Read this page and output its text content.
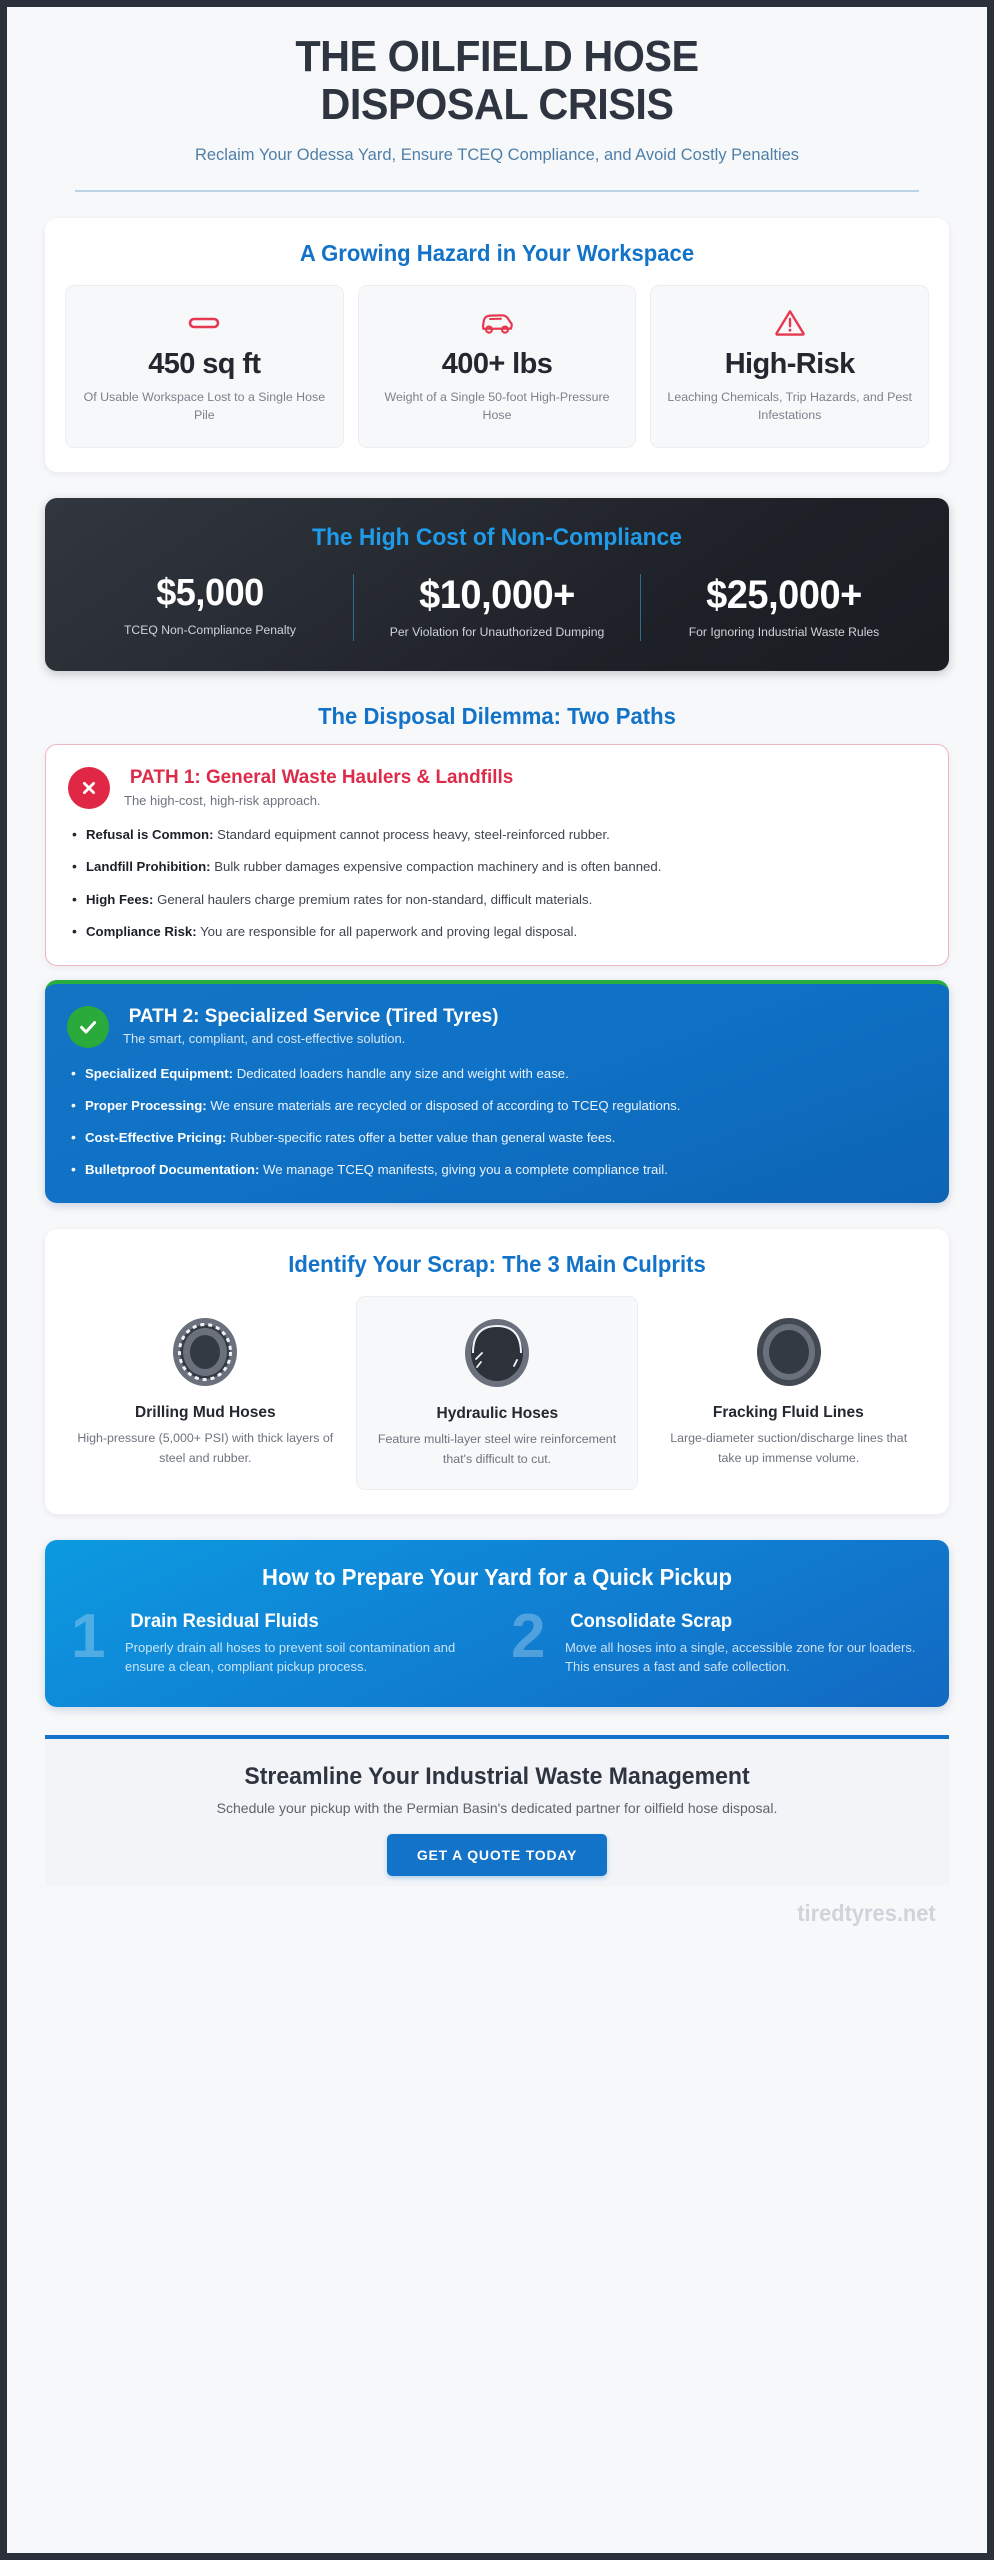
THE OILFIELD HOSE
DISPOSAL CRISIS
Reclaim Your Odessa Yard, Ensure TCEQ Compliance, and Avoid Costly Penalties
A Growing Hazard in Your Workspace
450 sq ft
Of Usable Workspace Lost to a Single Hose Pile
400+ lbs
Weight of a Single 50-foot High-Pressure Hose
High-Risk
Leaching Chemicals, Trip Hazards, and Pest Infestations
The High Cost of Non-Compliance
$5,000
TCEQ Non-Compliance Penalty
$10,000+
Per Violation for Unauthorized Dumping
$25,000+
For Ignoring Industrial Waste Rules
The Disposal Dilemma: Two Paths
PATH 1: General Waste Haulers & Landfills
The high-cost, high-risk approach.
• Refusal is Common: Standard equipment cannot process heavy, steel-reinforced rubber.
• Landfill Prohibition: Bulk rubber damages expensive compaction machinery and is often banned.
• High Fees: General haulers charge premium rates for non-standard, difficult materials.
• Compliance Risk: You are responsible for all paperwork and proving legal disposal.
PATH 2: Specialized Service (Tired Tyres)
The smart, compliant, and cost-effective solution.
• Specialized Equipment: Dedicated loaders handle any size and weight with ease.
• Proper Processing: We ensure materials are recycled or disposed of according to TCEQ regulations.
• Cost-Effective Pricing: Rubber-specific rates offer a better value than general waste fees.
• Bulletproof Documentation: We manage TCEQ manifests, giving you a complete compliance trail.
Identify Your Scrap: The 3 Main Culprits
Drilling Mud Hoses
High-pressure (5,000+ PSI) with thick layers of steel and rubber.
Hydraulic Hoses
Feature multi-layer steel wire reinforcement that's difficult to cut.
Fracking Fluid Lines
Large-diameter suction/discharge lines that take up immense volume.
How to Prepare Your Yard for a Quick Pickup
1 Drain Residual Fluids
Properly drain all hoses to prevent soil contamination and ensure a clean, compliant pickup process.	2 Consolidate Scrap
Move all hoses into a single, accessible zone for our loaders. This ensures a fast and safe collection.
Streamline Your Industrial Waste Management
Schedule your pickup with the Permian Basin's dedicated partner for oilfield hose disposal.
GET A QUOTE TODAY
tiredtyres.net
